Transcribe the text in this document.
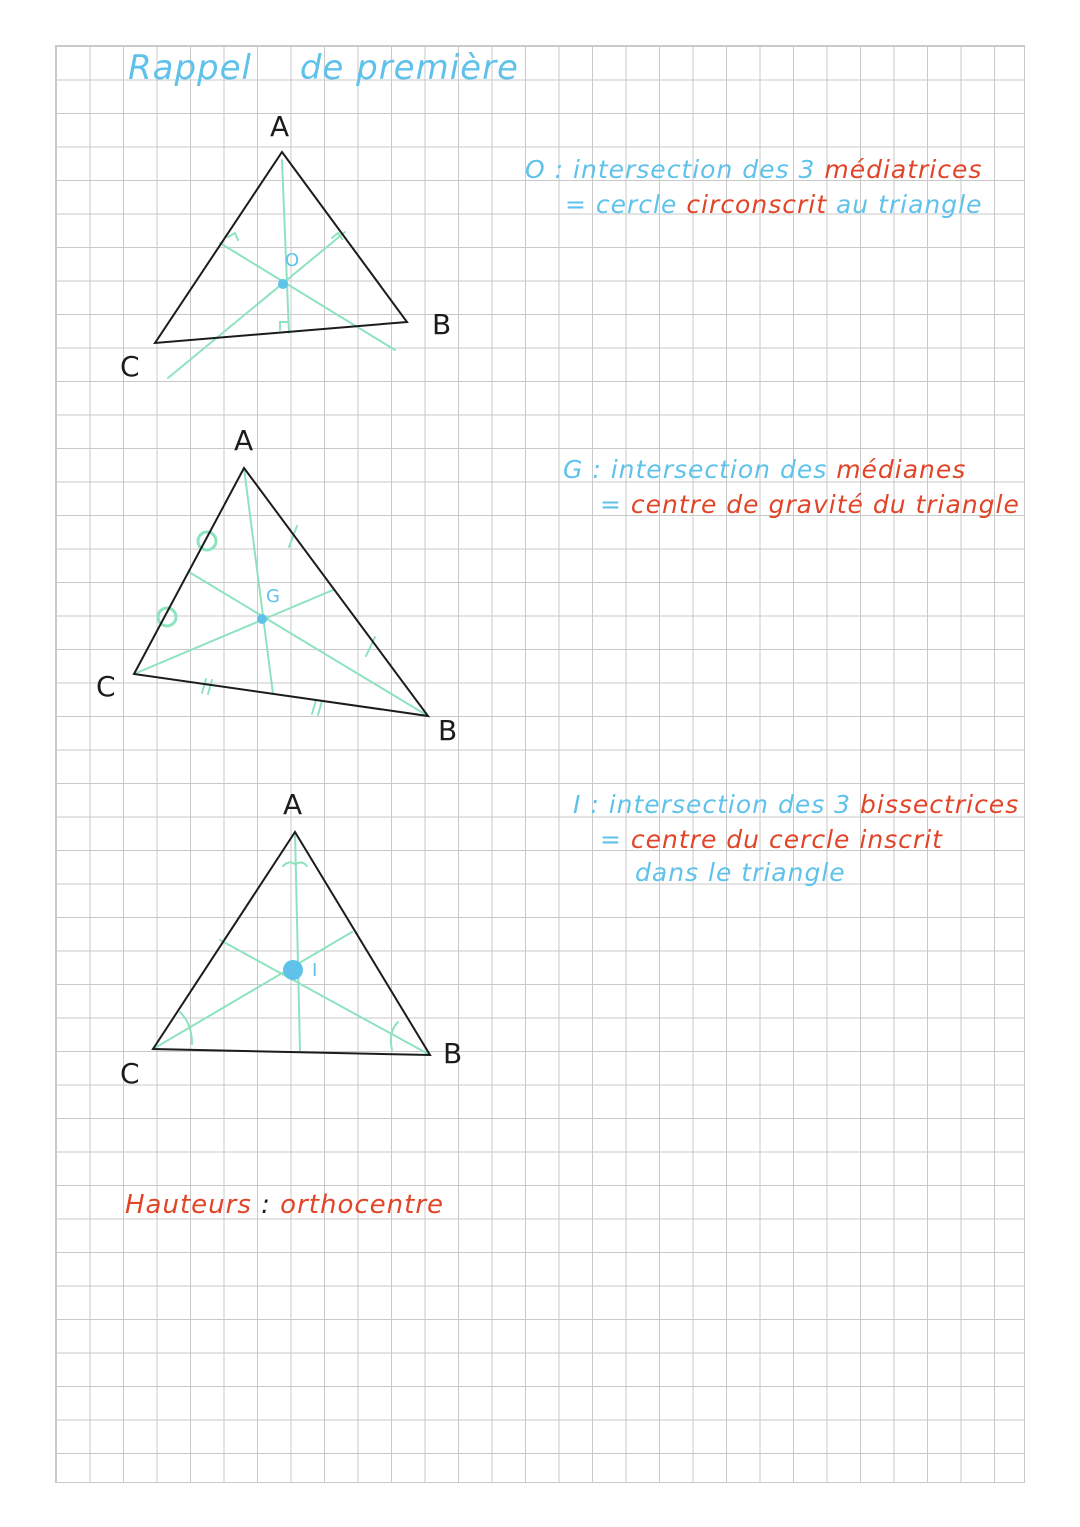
Rappel de première
A
B
C
O
O : intersection des 3 médiatrices
= cercle circonscrit au triangle
A
B
C
G
G : intersection des médianes
= centre de gravité du triangle
A
B
C
I
I : intersection des 3 bissectrices
= centre du cercle inscrit
dans le triangle
Hauteurs : orthocentre
